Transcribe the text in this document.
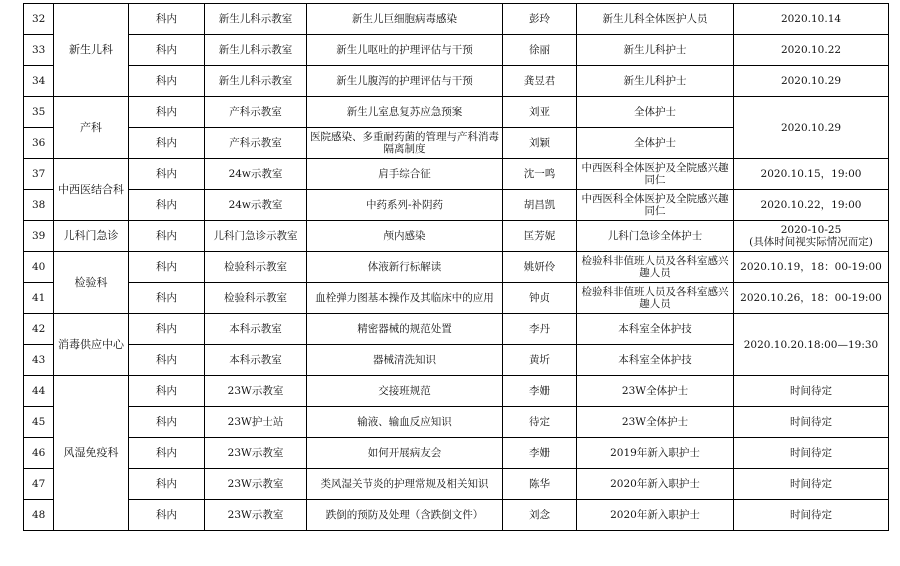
32	新生儿科	科内	新生儿科示教室	新生儿巨细胞病毒感染	彭玲	新生儿科全体医护人员	2020.10.14
33		科内	新生儿科示教室	新生儿呕吐的护理评估与干预	徐丽	新生儿科护士	2020.10.22
34		科内	新生儿科示教室	新生儿腹泻的护理评估与干预	龚昱君	新生儿科护士	2020.10.29
35	产科	科内	产科示教室	新生儿室息复苏应急预案	刘亚	全体护士	2020.10.29
36		科内	产科示教室	医院感染、多重耐药菌的管理与产科消毒隔离制度	刘颖	全体护士	
37	中西医结合科	科内	24w示教室	肩手综合征	沈一鸣	中西医科全体医护及全院感兴趣同仁	2020.10.15，19:00
38		科内	24w示教室	中药系列-补阴药	胡昌凯	中西医科全体医护及全院感兴趣同仁	2020.10.22，19:00
39	儿科门急诊	科内	儿科门急诊示教室	颅内感染	匡芳妮	儿科门急诊全体护士	2020-10-25
(具体时间视实际情况而定)

40	检验科	科内	检验科示教室	体液新行标解读	姚妍伶	检验科非值班人员及各科室感兴趣人员	2020.10.19，18：00-19:00
41		科内	检验科示教室	血栓弹力图基本操作及其临床中的应用	钟贞	检验科非值班人员及各科室感兴趣人员	2020.10.26，18：00-19:00
42	消毒供应中心	科内	本科示教室	精密器械的规范处置	李丹	本科室全体护技	2020.10.20.18:00—19:30
43		科内	本科示教室	器械清洗知识	黄圻	本科室全体护技	
44	风湿免疫科	科内	23W示教室	交接班规范	李姗	23W全体护士	时间待定
45		科内	23W护士站	输液、输血反应知识	待定	23W全体护士	时间待定
46		科内	23W示教室	如何开展病友会	李姗	2019年新入职护士	时间待定
47		科内	23W示教室	类风湿关节炎的护理常规及相关知识	陈华	2020年新入职护士	时间待定
48		科内	23W示教室	跌倒的预防及处理（含跌倒文件）	刘念	2020年新入职护士	时间待定
